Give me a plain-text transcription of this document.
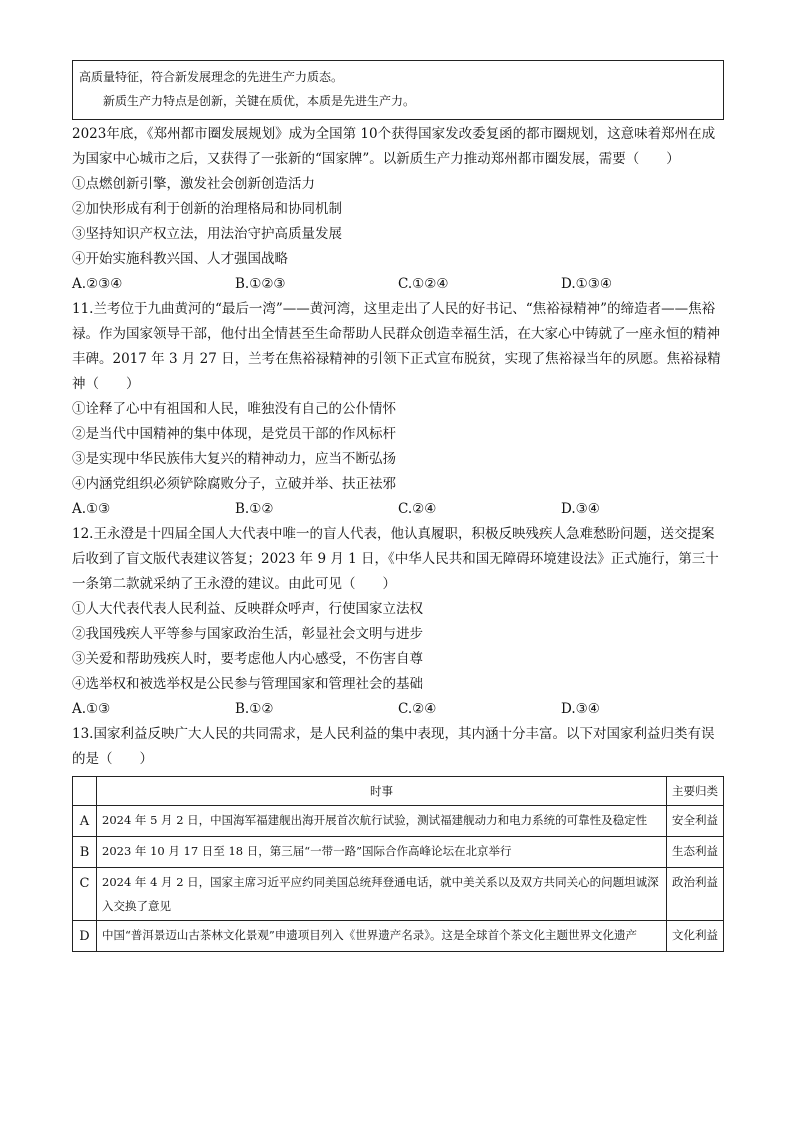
高质量特征，符合新发展理念的先进生产力质态。

新质生产力特点是创新，关键在质优，本质是先进生产力。

2023年底，《郑州都市圈发展规划》成为全国第 10个获得国家发改委复函的都市圈规划，这意味着郑州在成为国家中心城市之后，又获得了一张新的“国家牌”。以新质生产力推动郑州都市圈发展，需要（　　）

①点燃创新引擎，激发社会创新创造活力

②加快形成有利于创新的治理格局和协同机制

③坚持知识产权立法，用法治守护高质量发展

④开始实施科教兴国、人才强国战略

A.②③④	B.①②③	C.①②④	D.①③④

11.兰考位于九曲黄河的“最后一湾”——黄河湾，这里走出了人民的好书记、“焦裕禄精神”的缔造者——焦裕禄。作为国家领导干部，他付出全情甚至生命帮助人民群众创造幸福生活，在大家心中铸就了一座永恒的精神丰碑。2017 年 3 月 27 日，兰考在焦裕禄精神的引领下正式宣布脱贫，实现了焦裕禄当年的夙愿。焦裕禄精神（　　）

①诠释了心中有祖国和人民，唯独没有自己的公仆情怀

②是当代中国精神的集中体现，是党员干部的作风标杆

③是实现中华民族伟大复兴的精神动力，应当不断弘扬

④内涵党组织必须铲除腐败分子，立破并举、扶正祛邪

A.①③	B.①②	C.②④	D.③④

12.王永澄是十四届全国人大代表中唯一的盲人代表，他认真履职，积极反映残疾人急难愁盼问题，送交提案后收到了盲文版代表建议答复；2023 年 9 月 1 日，《中华人民共和国无障碍环境建设法》正式施行，第三十一条第二款就采纳了王永澄的建议。由此可见（　　）

①人大代表代表人民利益、反映群众呼声，行使国家立法权

②我国残疾人平等参与国家政治生活，彰显社会文明与进步

③关爱和帮助残疾人时，要考虑他人内心感受，不伤害自尊

④选举权和被选举权是公民参与管理国家和管理社会的基础

A.①③	B.①②	C.②④	D.③④

13.国家利益反映广大人民的共同需求，是人民利益的集中表现，其内涵十分丰富。以下对国家利益归类有误的是（　　）

	时事	主要归类
A	2024 年 5 月 2 日，中国海军福建舰出海开展首次航行试验，测试福建舰动力和电力系统的可靠性及稳定性	安全利益
B	2023 年 10 月 17 日至 18 日，第三届“一带一路”国际合作高峰论坛在北京举行	生态利益
C	2024 年 4 月 2 日，国家主席习近平应约同美国总统拜登通电话，就中美关系以及双方共同关心的问题坦诚深入交换了意见	政治利益
D	中国“普洱景迈山古茶林文化景观”申遗项目列入《世界遗产名录》。这是全球首个茶文化主题世界文化遗产	文化利益
